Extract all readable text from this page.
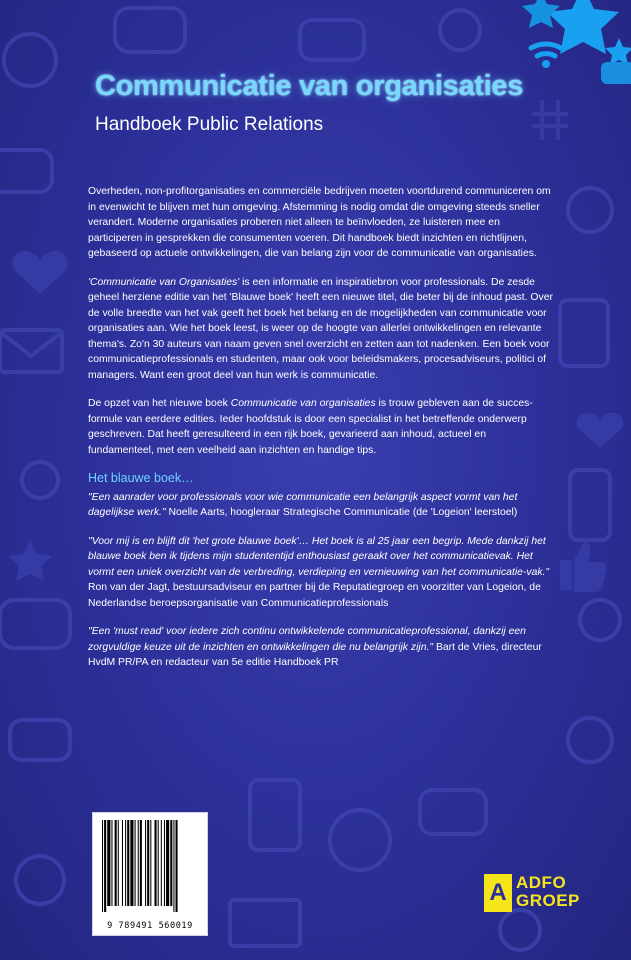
Communicatie van organisaties
Handboek Public Relations

Overheden, non-profitorganisaties en commerciële bedrijven moeten voortdurend communiceren om in evenwicht te blijven met hun omgeving. Afstemming is nodig omdat die omgeving steeds sneller verandert. Moderne organisaties proberen niet alleen te beïnvloeden, ze luisteren mee en participeren in gesprekken die consumenten voeren. Dit handboek biedt inzichten en richtlijnen, gebaseerd op actuele ontwikkelingen, die van belang zijn voor de communicatie van organisaties.

'Communicatie van Organisaties' is een informatie en inspiratiebron voor professionals. De zesde geheel herziene editie van het 'Blauwe boek' heeft een nieuwe titel, die beter bij de inhoud past. Over de volle breedte van het vak geeft het boek het belang en de mogelijkheden van communicatie voor organisaties aan. Wie het boek leest, is weer op de hoogte van allerlei ontwikkelingen en relevante thema's. Zo'n 30 auteurs van naam geven snel overzicht en zetten aan tot nadenken. Een boek voor communicatieprofessionals en studenten, maar ook voor beleidsmakers, procesadviseurs, politici of managers. Want een groot deel van hun werk is communicatie.

De opzet van het nieuwe boek Communicatie van organisaties is trouw gebleven aan de succes-formule van eerdere edities. Ieder hoofdstuk is door een specialist in het betreffende onderwerp geschreven. Dat heeft geresulteerd in een rijk boek, gevarieerd aan inhoud, actueel en fundamenteel, met een veelheid aan inzichten en handige tips.

Het blauwe boek…

"Een aanrader voor professionals voor wie communicatie een belangrijk aspect vormt van het dagelijkse werk." Noelle Aarts, hoogleraar Strategische Communicatie (de 'Logeion' leerstoel)

"Voor mij is en blijft dit 'het grote blauwe boek'… Het boek is al 25 jaar een begrip. Mede dankzij het blauwe boek ben ik tijdens mijn studententijd enthousiast geraakt over het communicatievak. Het vormt een uniek overzicht van de verbreding, verdieping en vernieuwing van het communicatie-vak." Ron van der Jagt, bestuursadviseur en partner bij de Reputatiegroep en voorzitter van Logeion, de Nederlandse beroepsorganisatie van Communicatieprofessionals

"Een 'must read' voor iedere zich continu ontwikkelende communicatieprofessional, dankzij een zorgvuldige keuze uit de inzichten en ontwikkelingen die nu belangrijk zijn." Bart de Vries, directeur HvdM PR/PA en redacteur van 5e editie Handboek PR

9 789491 560019
A ADFO
GROEP
